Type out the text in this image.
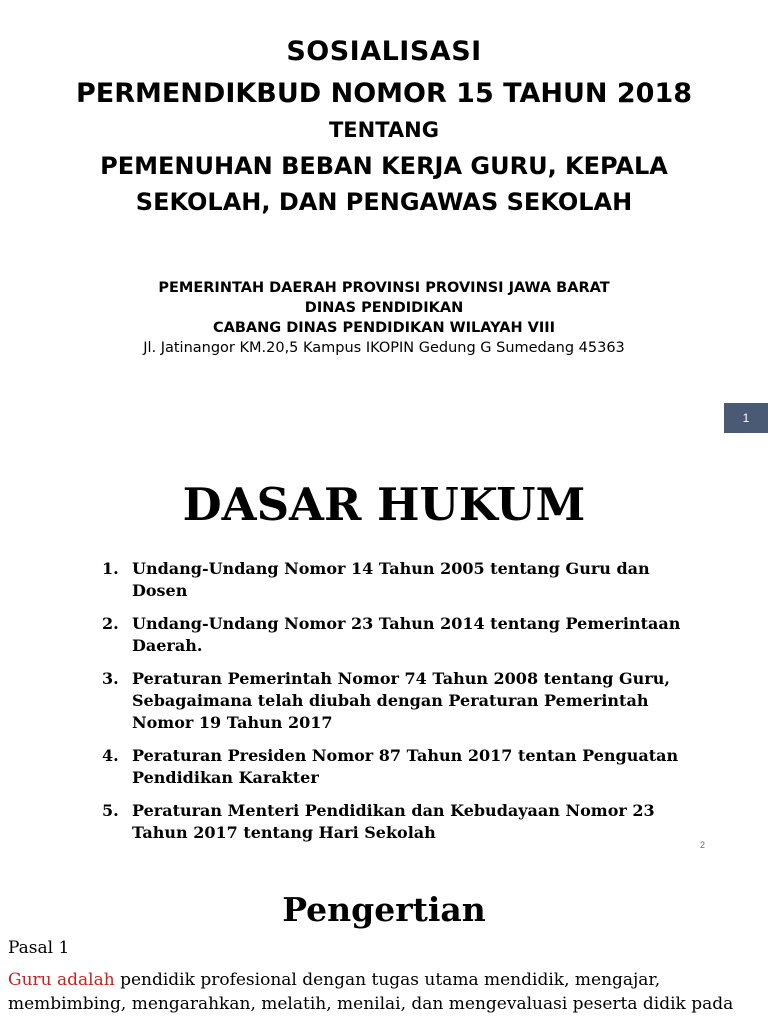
SOSIALISASI
PERMENDIKBUD NOMOR 15 TAHUN 2018
TENTANG
PEMENUHAN BEBAN KERJA GURU, KEPALA
SEKOLAH, DAN PENGAWAS SEKOLAH

PEMERINTAH DAERAH PROVINSI PROVINSI JAWA BARAT

DINAS PENDIDIKAN

CABANG DINAS PENDIDIKAN WILAYAH VIII

Jl. Jatinangor KM.20,5 Kampus IKOPIN Gedung G Sumedang 45363

1
DASAR HUKUM
1. Undang-Undang Nomor 14 Tahun 2005 tentang Guru dan Dosen
2. Undang-Undang Nomor 23 Tahun 2014 tentang Pemerintaan Daerah.
3. Peraturan Pemerintah Nomor 74 Tahun 2008 tentang Guru, Sebagaimana telah diubah dengan Peraturan Pemerintah Nomor 19 Tahun 2017
4. Peraturan Presiden Nomor 87 Tahun 2017 tentan Penguatan Pendidikan Karakter
5. Peraturan Menteri Pendidikan dan Kebudayaan Nomor 23 Tahun 2017 tentang Hari Sekolah
2
Pengertian

Pasal 1

Guru adalah pendidik profesional dengan tugas utama mendidik, mengajar, membimbing, mengarahkan, melatih, menilai, dan mengevaluasi peserta didik pada
